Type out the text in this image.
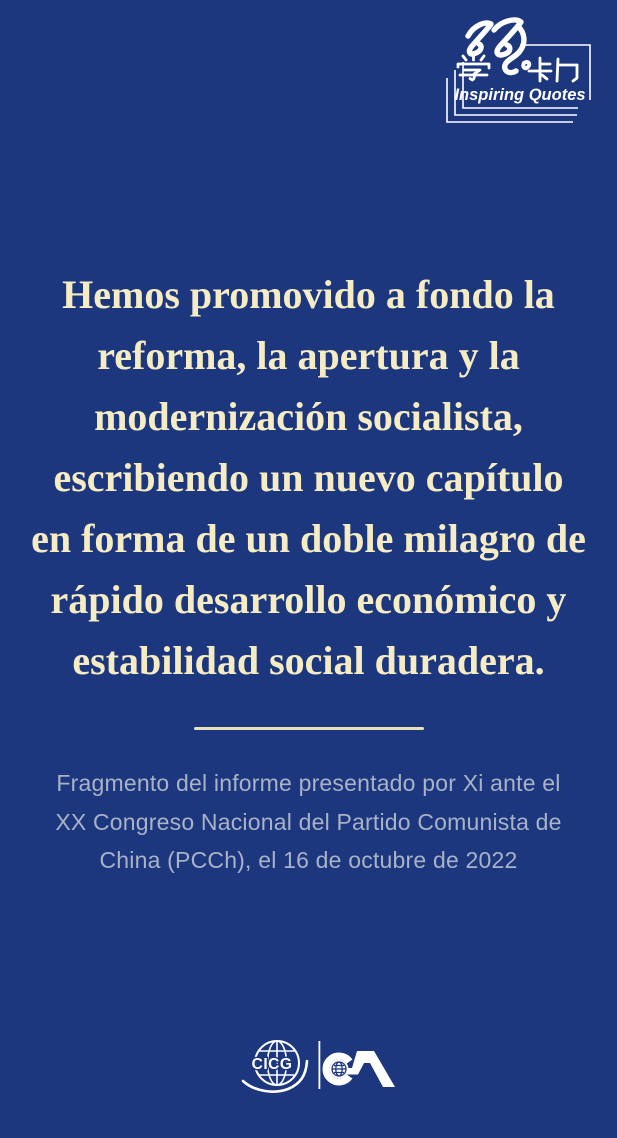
Inspiring Quotes
Hemos promovido a fondo la
reforma, la apertura y la
modernización socialista,
escribiendo un nuevo capítulo
en forma de un doble milagro de
rápido desarrollo económico y
estabilidad social duradera.
Fragmento del informe presentado por Xi ante el
XX Congreso Nacional del Partido Comunista de
China (PCCh), el 16 de octubre de 2022
CICG
